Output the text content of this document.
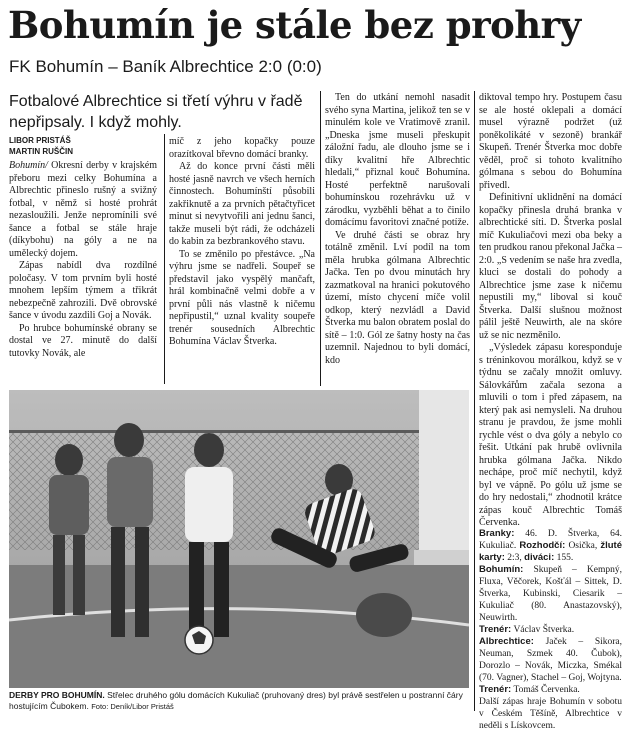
Bohumín je stále bez prohry
FK Bohumín – Baník Albrechtice 2:0 (0:0)
Fotbalové Albrechtice si třetí výhru v řadě nepřipsaly. I když mohly.
LIBOR PRISTÁŠ
MARTIN RUŠČIN

Bohumín/ Okresní derby v krajském přeboru mezi celky Bohumína a Albrechtic přineslo rušný a svižný fotbal, v němž si hosté prohrát nezasloužili. Jenže nepromínili své šance a fotbal se stále hraje (díkybohu) na góly a ne na umělecký dojem.

Zápas nabídl dva rozdílné poločasy. V tom prvním byli hosté mnohem lepším týmem a třikrát nebezpečně zahrozili. Dvě obrovské šance v úvodu zazdili Goj a Novák.

Po hrubce bohumínské obrany se dostal ve 27. minutě do další tutovky Novák, ale

míč z jeho kopačky pouze orazítkoval břevno domácí branky.

Až do konce první části měli hosté jasně navrch ve všech herních činnostech. Bohumínští působili zakřiknutě a za prvních pětačtyřicet minut si nevytvořili ani jednu šanci, takže museli být rádi, že odcházeli do kabin za bezbrankového stavu.

To se změnilo po přestávce. „Na výhru jsme se nadřeli. Soupeř se představil jako vyspělý mančaft, hrál kombinačně velmi dobře a v první půli nás vlastně k ničemu nepřipustil,“ uznal kvality soupeře trenér sousedních Albrechtic Bohumína Václav Štverka.

Ten do utkání nemohl nasadit svého syna Martina, jelikož ten se v minulém kole ve Vratimově zranil. „Dneska jsme museli přeskupit záložní řadu, ale dlouho jsme se i díky kvalitní hře Albrechtic hledali,“ přiznal kouč Bohumína. Hosté perfektně narušovali bohumínskou rozehrávku už v zárodku, vyzběhli běhat a to činilo domácímu favoritovi značné potíže.

Ve druhé části se obraz hry totálně změnil. Lví podíl na tom měla hrubka gólmana Albrechtic Jačka. Ten po dvou minutách hry zazmatkoval na hranici pokutového území, místo chycení míče volil odkop, který nezvládl a David Štverka mu balon obratem poslal do sítě – 1:0. Gól ze šatny hosty na čas uzemnil. Najednou to byli domácí, kdo

diktoval tempo hry. Postupem času se ale hosté oklepali a domácí musel výrazně podržet (už poněkolikáté v sezoně) brankář Skupeň. Trenér Štverka moc dobře věděl, proč si tohoto kvalitního gólmana s sebou do Bohumína přivedl.

Definitivní uklidnění na domácí kopačky přinesla druhá branka v albrechtické síti. D. Štverka poslal míč Kukuliačovi mezi oba beky a ten prudkou ranou překonal Jačka – 2:0. „S vedením se naše hra zvedla, kluci se dostali do pohody a Albrechtice jsme zase k ničemu nepustili my,“ liboval si kouč Štverka. Další slušnou možnost pálil ještě Neuwirth, ale na skóre už se nic nezměnilo.

„Výsledek zápasu koresponduje s tréninkovou morálkou, když se v týdnu se začaly množit omluvy. Sálovkářům začala sezona a mluvili o tom i před zápasem, na který pak asi nemysleli. Na druhou stranu je pravdou, že jsme mohli rychle vést o dva góly a nebylo co řešit. Utkání pak hrubě ovlivnila hrubka gólmana Jačka. Nikdo nechápe, proč míč nechytil, když byl ve vápně. Po gólu už jsme se do hry nedostali,“ zhodnotil krátce zápas kouč Albrechtic Tomáš Červenka.

Branky: 46. D. Štverka, 64. Kukuliač. Rozhodčí: Osička, žluté karty: 2:3, diváci: 155.

Bohumín: Skupeň – Kempný, Fluxa, Věčorek, Košťál – Sittek, D. Štverka, Kubinski, Ciesarik – Kukuliač (80. Anastazovský), Neuwirth.

Trenér: Václav Štverka.

Albrechtice: Jaček – Sikora, Neuman, Szmek 40. Čubok), Dorozlo – Novák, Miczka, Smékal (70. Vagner), Stachel – Goj, Wojtyna.

Trenér: Tomáš Červenka.

Další zápas hraje Bohumín v sobotu v Českém Těšíně, Albrechtice v neděli s Lískovcem.

DERBY PRO BOHUMÍN. Střelec druhého gólu domácích Kukuliač (pruhovaný dres) byl právě sestřelen u postranní čáry hostujícím Čubokem. Foto: Deník/Libor Pristáš
